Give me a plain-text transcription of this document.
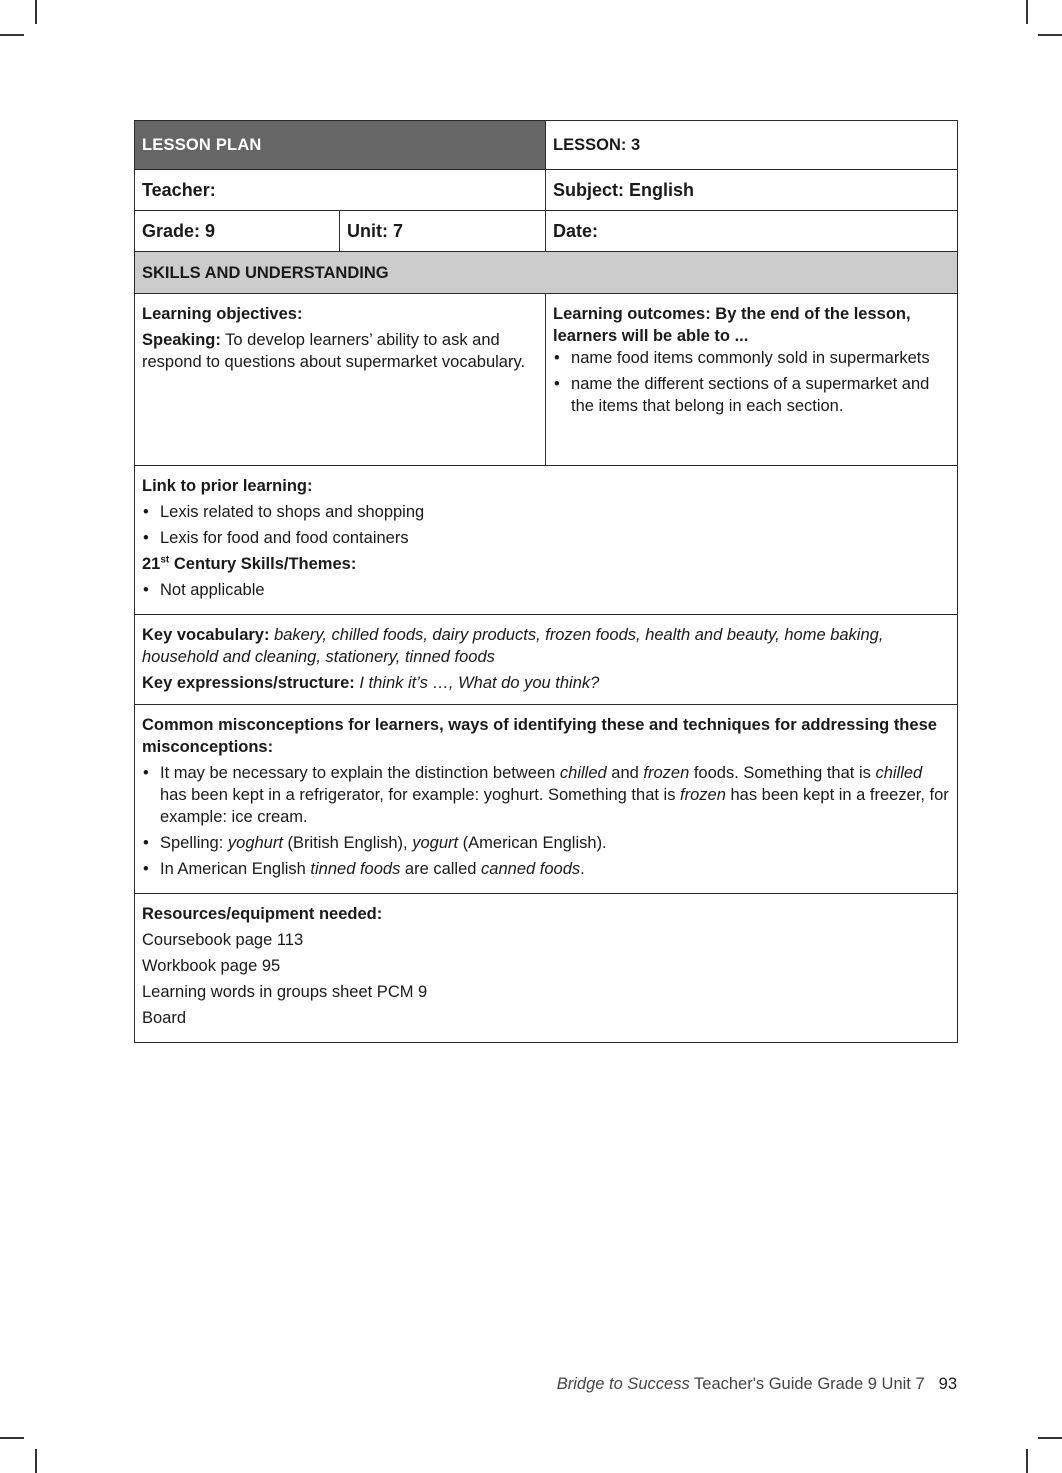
LESSON PLAN		LESSON: 3
Teacher:		Subject: English
Grade: 9	Unit: 7	Date:
SKILLS AND UNDERSTANDING		

Learning objectives:
Speaking: To develop learners’ ability to ask and respond to questions about supermarket vocabulary.

Learning outcomes: By the end of the lesson, learners will be able to ...
• name food items commonly sold in supermarkets
• name the different sections of a supermarket and the items that belong in each section.

Link to prior learning:
• Lexis related to shops and shopping
• Lexis for food and food containers
21st Century Skills/Themes:
• Not applicable

Key vocabulary: bakery, chilled foods, dairy products, frozen foods, health and beauty, home baking, household and cleaning, stationery, tinned foods
Key expressions/structure: I think it’s …, What do you think?		

Common misconceptions for learners, ways of identifying these and techniques for addressing these misconceptions:
• It may be necessary to explain the distinction between chilled and frozen foods. Something that is chilled has been kept in a refrigerator, for example: yoghurt. Something that is frozen has been kept in a freezer, for example: ice cream.
• Spelling: yoghurt (British English), yogurt (American English).
• In American English tinned foods are called canned foods.

Resources/equipment needed:
Coursebook page 113
Workbook page 95
Learning words in groups sheet PCM 9
Board		
Bridge to Success Teacher's Guide Grade 9 Unit 7 93
